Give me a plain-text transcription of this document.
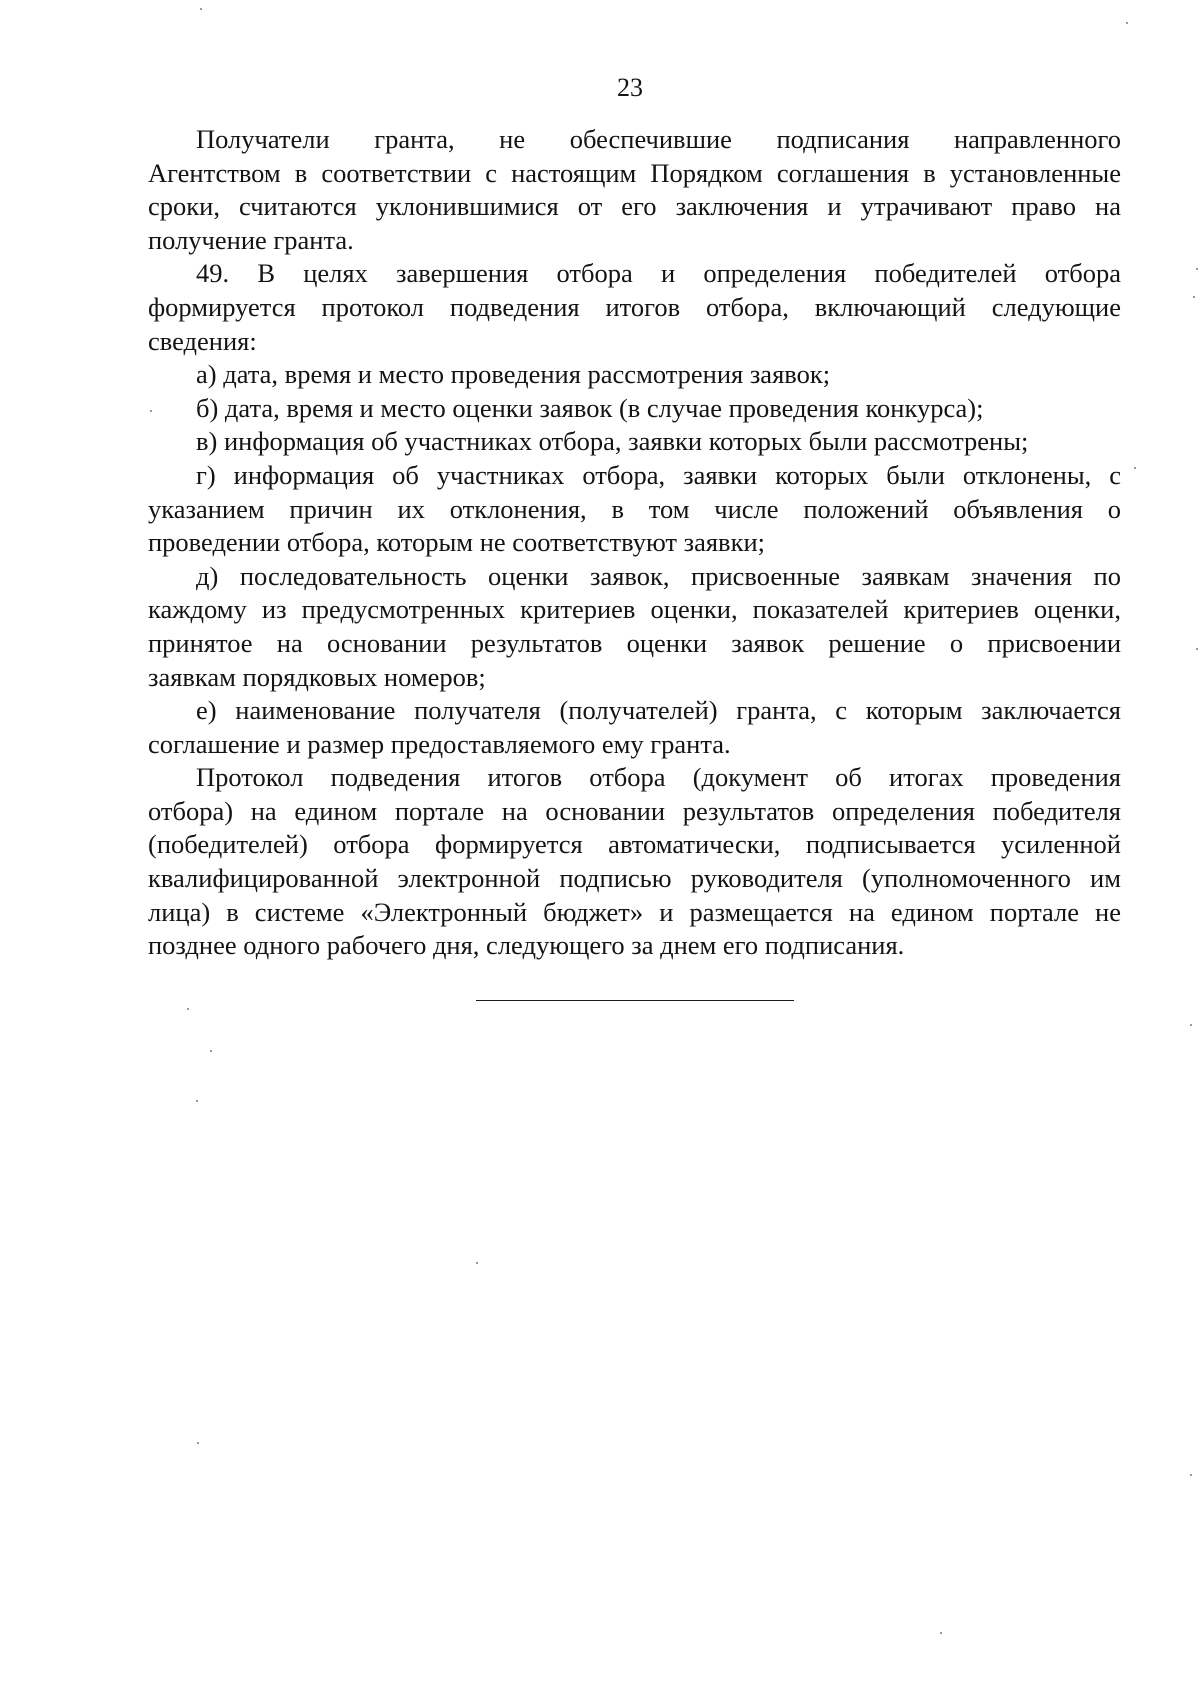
23

Получатели гранта, не обеспечившие подписания направленного
Агентством в соответствии с настоящим Порядком соглашения в установленные
сроки, считаются уклонившимися от его заключения и утрачивают право на
получение гранта.

49. В целях завершения отбора и определения победителей отбора
формируется протокол подведения итогов отбора, включающий следующие
сведения:

а) дата, время и место проведения рассмотрения заявок;

б) дата, время и место оценки заявок (в случае проведения конкурса);

в) информация об участниках отбора, заявки которых были рассмотрены;

г) информация об участниках отбора, заявки которых были отклонены, с
указанием причин их отклонения, в том числе положений объявления о
проведении отбора, которым не соответствуют заявки;

д) последовательность оценки заявок, присвоенные заявкам значения по
каждому из предусмотренных критериев оценки, показателей критериев оценки,
принятое на основании результатов оценки заявок решение о присвоении
заявкам порядковых номеров;

е) наименование получателя (получателей) гранта, с которым заключается
соглашение и размер предоставляемого ему гранта.

Протокол подведения итогов отбора (документ об итогах проведения
отбора) на едином портале на основании результатов определения победителя
(победителей) отбора формируется автоматически, подписывается усиленной
квалифицированной электронной подписью руководителя (уполномоченного им
лица) в системе «Электронный бюджет» и размещается на едином портале не
позднее одного рабочего дня, следующего за днем его подписания.
